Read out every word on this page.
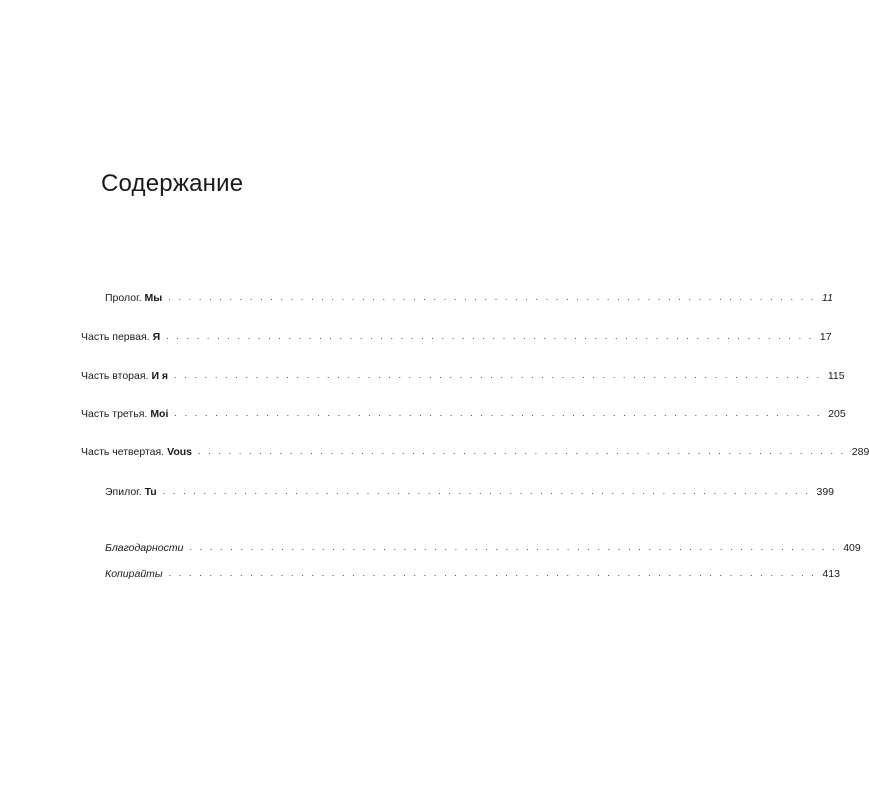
Содержание
Пролог. Мы . . . . . . . . . . . . . . . . . . . . . . . . . . . . . . . . . . . . . . . . . . . . . . . . . . . . . . . . . . . . . . . . 11
Часть первая. Я . . . . . . . . . . . . . . . . . . . . . . . . . . . . . . . . . . . . . . . . . . . . . . . . . . . . . . . . . . . . . . . . 17
Часть вторая. И я . . . . . . . . . . . . . . . . . . . . . . . . . . . . . . . . . . . . . . . . . . . . . . . . . . . . . . . . . . . . . . . . 115
Часть третья. Moi . . . . . . . . . . . . . . . . . . . . . . . . . . . . . . . . . . . . . . . . . . . . . . . . . . . . . . . . . . . . . . . . 205
Часть четвертая. Vous . . . . . . . . . . . . . . . . . . . . . . . . . . . . . . . . . . . . . . . . . . . . . . . . . . . . . . . . . . . . . . . . 289
Эпилог. Tu . . . . . . . . . . . . . . . . . . . . . . . . . . . . . . . . . . . . . . . . . . . . . . . . . . . . . . . . . . . . . . . . 399
Благодарности . . . . . . . . . . . . . . . . . . . . . . . . . . . . . . . . . . . . . . . . . . . . . . . . . . . . . . . . . . . . . . . . 409
Копирайты . . . . . . . . . . . . . . . . . . . . . . . . . . . . . . . . . . . . . . . . . . . . . . . . . . . . . . . . . . . . . . . . 413
